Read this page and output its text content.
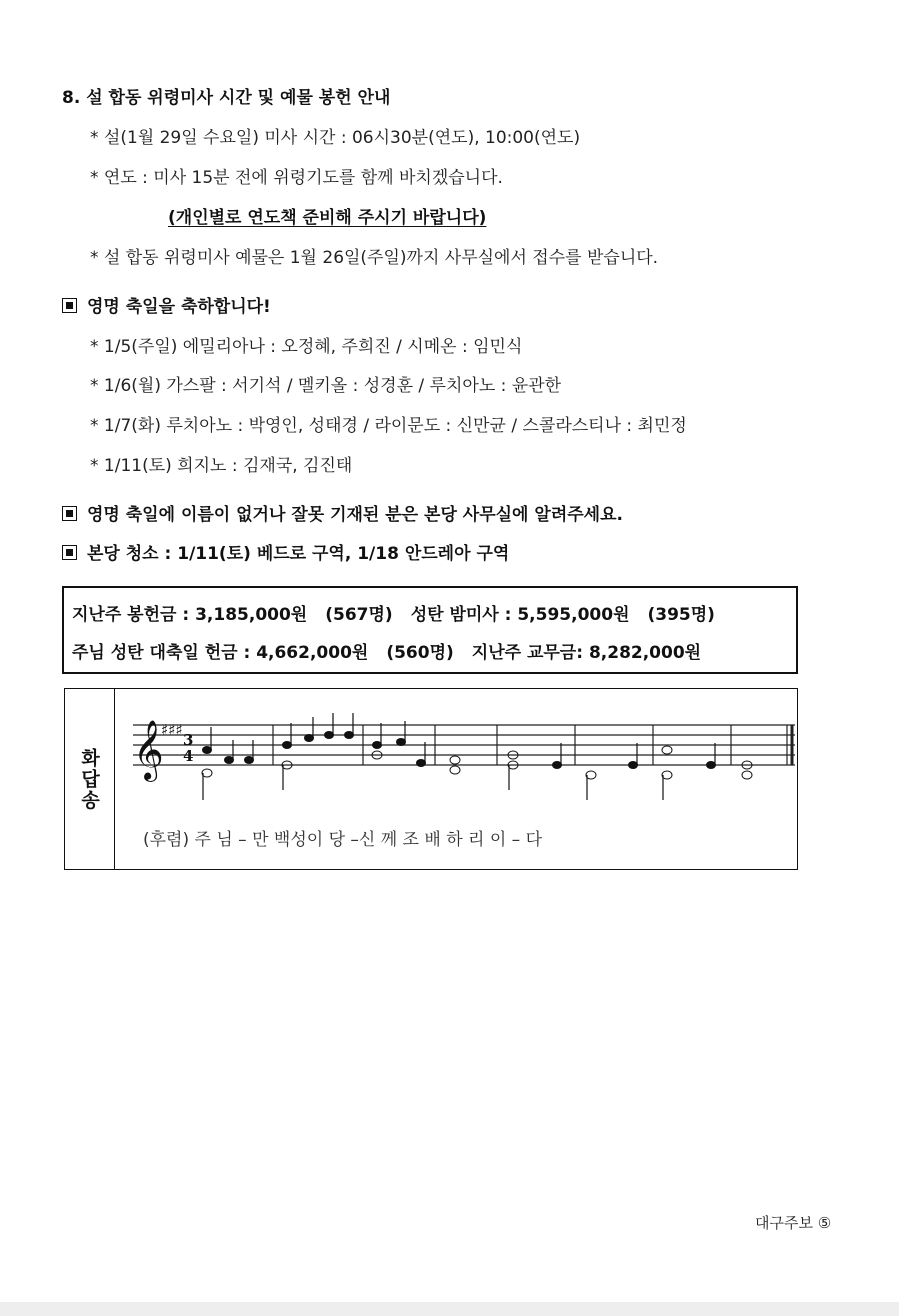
8. 설 합동 위령미사 시간 및 예물 봉헌 안내
* 설(1월 29일 수요일) 미사 시간 : 06시30분(연도), 10:00(연도)
* 연도 : 미사 15분 전에 위령기도를 함께 바치겠습니다.
(개인별로 연도책 준비해 주시기 바랍니다)
* 설 합동 위령미사 예물은 1월 26일(주일)까지 사무실에서 접수를 받습니다.
영명 축일을 축하합니다!
* 1/5(주일) 에밀리아나 : 오정혜, 주희진 / 시메온 : 임민식
* 1/6(월) 가스팔 : 서기석 / 멜키올 : 성경훈 / 루치아노 : 윤관한
* 1/7(화) 루치아노 : 박영인, 성태경 / 라이문도 : 신만균 / 스콜라스티나 : 최민정
* 1/11(토) 희지노 : 김재국, 김진태
영명 축일에 이름이 없거나 잘못 기재된 분은 본당 사무실에 알려주세요.
본당 청소 : 1/11(토) 베드로 구역, 1/18 안드레아 구역
지난주 봉헌금 : 3,185,000원 (567명) 성탄 밤미사 : 5,595,000원 (395명)
주님 성탄 대축일 헌금 : 4,662,000원 (560명) 지난주 교무금: 8,282,000원
화답송 𝄞
♯♯♯
3
4
(후렴) 주 님 – 만 백성이 당 –신 께 조 배 하 리 이 – 다
대구주보 ⑤
